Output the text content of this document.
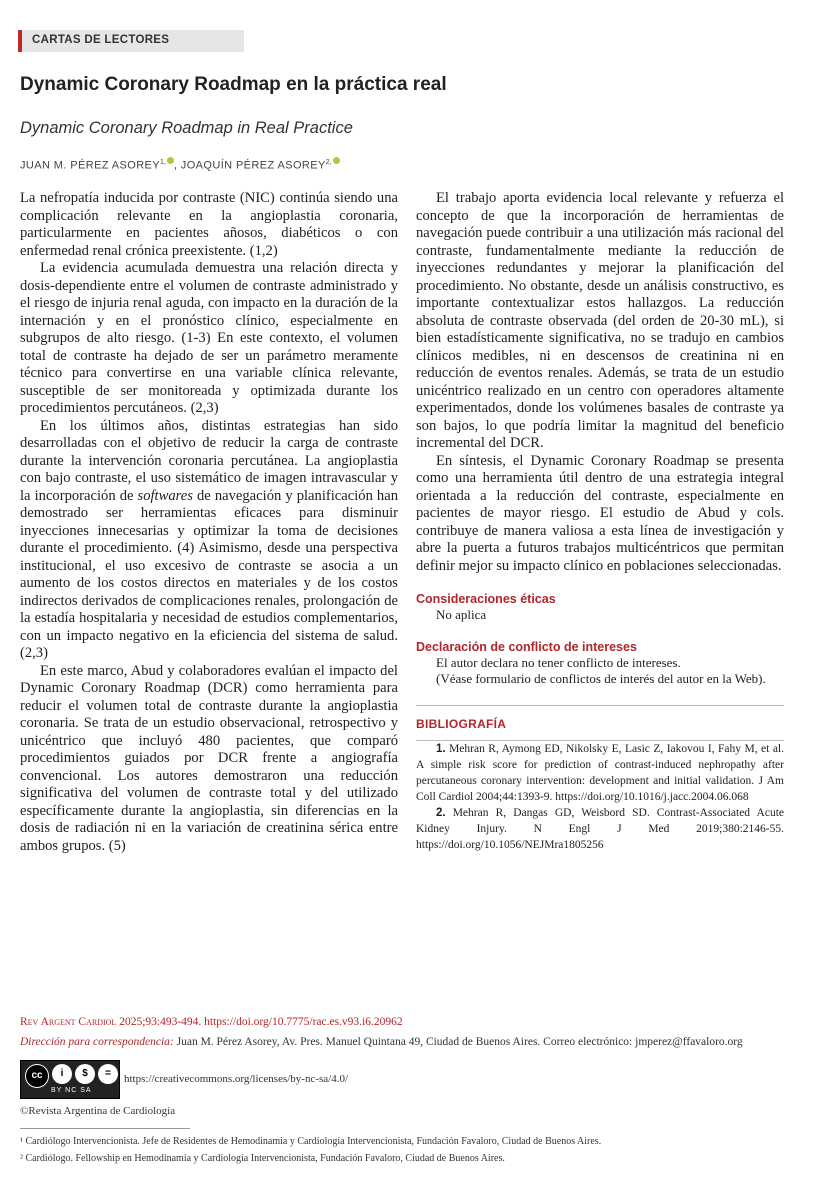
CARTAS DE LECTORES
Dynamic Coronary Roadmap en la práctica real
Dynamic Coronary Roadmap in Real Practice
JUAN M. PÉREZ $ASOREY^{1,}$ , JOAQUÍN PÉREZ $ASOREY^{2,}$

La nefropatía inducida por contraste (NIC) continúa siendo una complicación relevante en la angioplastia coronaria, particularmente en pacientes añosos, diabéticos o con enfermedad renal crónica preexistente. (1,2)

La evidencia acumulada demuestra una relación directa y dosis-dependiente entre el volumen de contraste administrado y el riesgo de injuria renal aguda, con impacto en la duración de la internación y en el pronóstico clínico, especialmente en subgrupos de alto riesgo. (1-3) En este contexto, el volumen total de contraste ha dejado de ser un parámetro meramente técnico para convertirse en una variable clínica relevante, susceptible de ser monitoreada y optimizada durante los procedimientos percutáneos. (2,3)

En los últimos años, distintas estrategias han sido desarrolladas con el objetivo de reducir la carga de contraste durante la intervención coronaria percutánea. La angioplastia con bajo contraste, el uso sistemático de imagen intravascular y la incorporación de softwares de navegación y planificación han demostrado ser herramientas eficaces para disminuir inyecciones innecesarias y optimizar la toma de decisiones durante el procedimiento. (4) Asimismo, desde una perspectiva institucional, el uso excesivo de contraste se asocia a un aumento de los costos directos en materiales y de los costos indirectos derivados de complicaciones renales, prolongación de la estadía hospitalaria y necesidad de estudios complementarios, con un impacto negativo en la eficiencia del sistema de salud. (2,3)

En este marco, Abud y colaboradores evalúan el impacto del Dynamic Coronary Roadmap (DCR) como herramienta para reducir el volumen total de contraste durante la angioplastia coronaria. Se trata de un estudio observacional, retrospectivo y unicéntrico que incluyó 480 pacientes, que comparó procedimientos guiados por DCR frente a angiografía convencional. Los autores demostraron una reducción significativa del volumen de contraste total y del utilizado específicamente durante la angioplastia, sin diferencias en la dosis de radiación ni en la variación de creatinina sérica entre ambos grupos. (5)

El trabajo aporta evidencia local relevante y refuerza el concepto de que la incorporación de herramientas de navegación puede contribuir a una utilización más racional del contraste, fundamentalmente mediante la reducción de inyecciones redundantes y mejorar la planificación del procedimiento. No obstante, desde un análisis constructivo, es importante contextualizar estos hallazgos. La reducción absoluta de contraste observada (del orden de 20-30 mL), si bien estadísticamente significativa, no se tradujo en cambios clínicos medibles, ni en descensos de creatinina ni en reducción de eventos renales. Además, se trata de un estudio unicéntrico realizado en un centro con operadores altamente experimentados, donde los volúmenes basales de contraste ya son bajos, lo que podría limitar la magnitud del beneficio incremental del DCR.

En síntesis, el Dynamic Coronary Roadmap se presenta como una herramienta útil dentro de una estrategia integral orientada a la reducción del contraste, especialmente en pacientes de mayor riesgo. El estudio de Abud y cols. contribuye de manera valiosa a esta línea de investigación y abre la puerta a futuros trabajos multicéntricos que permitan definir mejor su impacto clínico en poblaciones seleccionadas.

Consideraciones éticas

No aplica

Declaración de conflicto de intereses

El autor declara no tener conflicto de intereses.

(Véase formulario de conflictos de interés del autor en la Web).

BIBLIOGRAFÍA

1. Mehran R, Aymong ED, Nikolsky E, Lasic Z, Iakovou I, Fahy M, et al. A simple risk score for prediction of contrast-induced nephropathy after percutaneous coronary intervention: development and initial validation. J Am Coll Cardiol 2004;44:1393-9. https://doi.org/10.1016/j.jacc.2004.06.068

2. Mehran R, Dangas GD, Weisbord SD. Contrast-Associated Acute Kidney Injury. N Engl J Med 2019;380:2146-55. https://doi.org/10.1056/NEJMra1805256

Rev Argent Cardiol 2025;93:493-494. https://doi.org/10.7775/rac.es.v93.i6.20962
Dirección para correspondencia: Juan M. Pérez Asorey, Av. Pres. Manuel Quintana 49, Ciudad de Buenos Aires. Correo electrónico: jmperez@ffavaloro.org
cc	i	$	=
BY NC SA
https://creativecommons.org/licenses/by-nc-sa/4.0/
©Revista Argentina de Cardiología
¹ Cardiólogo Intervencionista. Jefe de Residentes de Hemodinamia y Cardiología Intervencionista, Fundación Favaloro, Ciudad de Buenos Aires.
² Cardiólogo. Fellowship en Hemodinamia y Cardiología Intervencionista, Fundación Favaloro, Ciudad de Buenos Aires.
